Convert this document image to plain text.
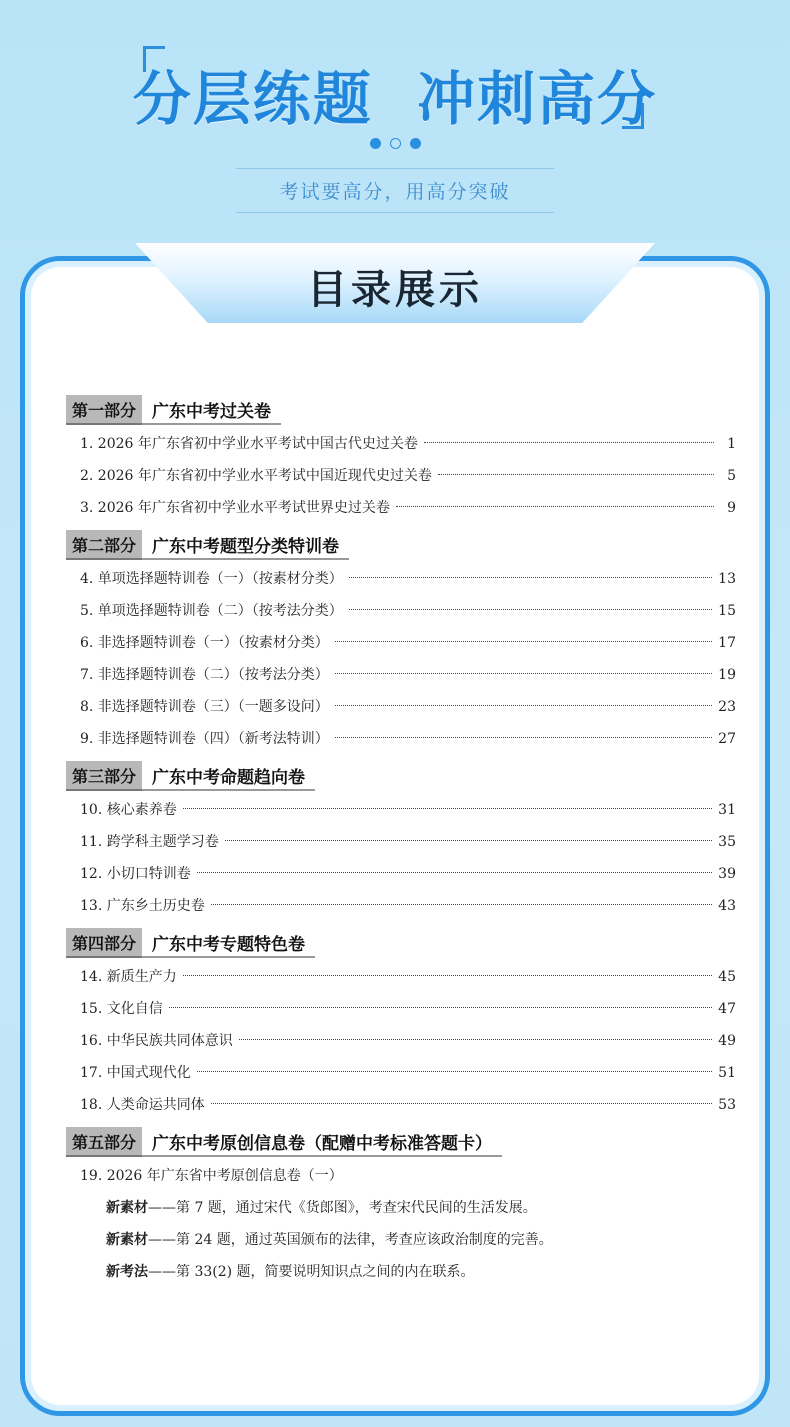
分层练题  冲刺高分
考试要高分，用高分突破
目录展示
第一部分 广东中考过关卷
1. 2026 年广东省初中学业水平考试中国古代史过关卷	1
2. 2026 年广东省初中学业水平考试中国近现代史过关卷	5
3. 2026 年广东省初中学业水平考试世界史过关卷	9
第二部分 广东中考题型分类特训卷
4. 单项选择题特训卷（一）（按素材分类）	13
5. 单项选择题特训卷（二）（按考法分类）	15
6. 非选择题特训卷（一）（按素材分类）	17
7. 非选择题特训卷（二）（按考法分类）	19
8. 非选择题特训卷（三）（一题多设问）	23
9. 非选择题特训卷（四）（新考法特训）	27
第三部分 广东中考命题趋向卷
10. 核心素养卷	31
11. 跨学科主题学习卷	35
12. 小切口特训卷	39
13. 广东乡土历史卷	43
第四部分 广东中考专题特色卷
14. 新质生产力	45
15. 文化自信	47
16. 中华民族共同体意识	49
17. 中国式现代化	51
18. 人类命运共同体	53
第五部分 广东中考原创信息卷（配赠中考标准答题卡）
19. 2026 年广东省中考原创信息卷（一）
新素材——第 7 题，通过宋代《货郎图》，考查宋代民间的生活发展。
新素材——第 24 题，通过英国颁布的法律，考查应该政治制度的完善。
新考法——第 33(2) 题，简要说明知识点之间的内在联系。
